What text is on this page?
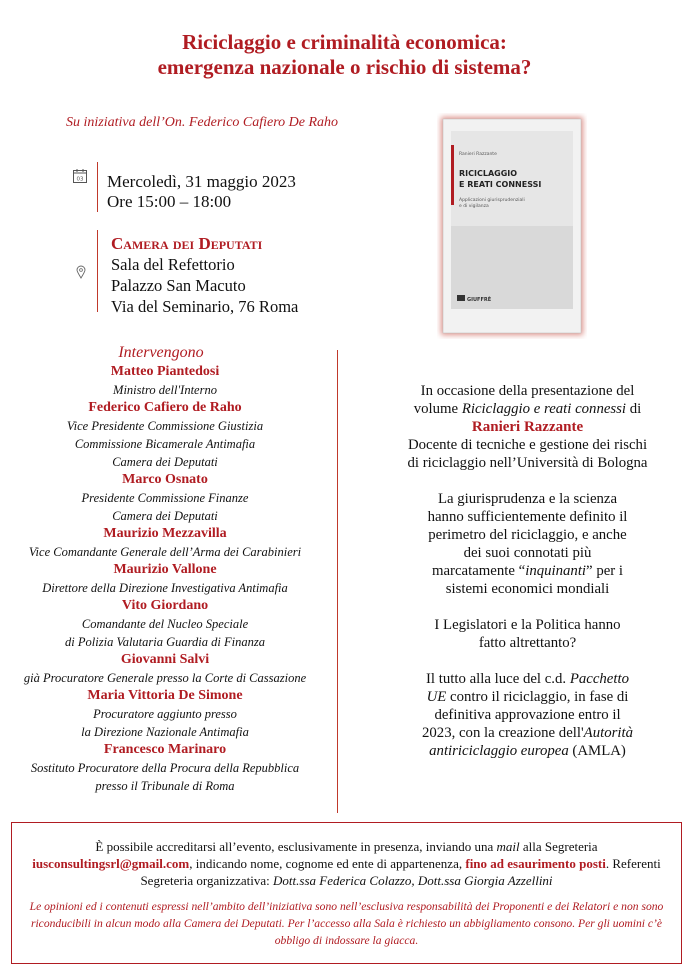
Riciclaggio e criminalità economica:
emergenza nazionale o rischio di sistema?
Su iniziativa dell’On. Federico Cafiero De Raho
03 Mercoledì, 31 maggio 2023
Ore 15:00 – 18:00
Camera dei Deputati
Sala del Refettorio
Palazzo San Macuto
Via del Seminario, 76 Roma
Intervengono
Matteo Piantedosi
Ministro dell'Interno
Federico Cafiero de Raho
Vice Presidente Commissione Giustizia
Commissione Bicamerale Antimafia
Camera dei Deputati
Marco Osnato
Presidente Commissione Finanze
Camera dei Deputati
Maurizio Mezzavilla
Vice Comandante Generale dell’Arma dei Carabinieri
Maurizio Vallone
Direttore della Direzione Investigativa Antimafia
Vito Giordano
Comandante del Nucleo Speciale
di Polizia Valutaria Guardia di Finanza
Giovanni Salvi
già Procuratore Generale presso la Corte di Cassazione
Maria Vittoria De Simone
Procuratore aggiunto presso
la Direzione Nazionale Antimafia
Francesco Marinaro
Sostituto Procuratore della Procura della Repubblica
presso il Tribunale di Roma
Ranieri Razzante
RICICLAGGIO
E REATI CONNESSI
Applicazioni giurisprudenziali
e di vigilanza
GIUFFRÈ

In occasione della presentazione del
volume Riciclaggio e reati connessi di
Ranieri Razzante
Docente di tecniche e gestione dei rischi
di riciclaggio nell’Università di Bologna

La giurisprudenza e la scienza
hanno sufficientemente definito il
perimetro del riciclaggio, e anche
dei suoi connotati più
marcatamente “inquinanti” per i
sistemi economici mondiali

I Legislatori e la Politica hanno
fatto altrettanto?

Il tutto alla luce del c.d. Pacchetto
UE contro il riciclaggio, in fase di
definitiva approvazione entro il
2023, con la creazione dell'Autorità
antiriciclaggio europea (AMLA)

È possibile accreditarsi all’evento, esclusivamente in presenza, inviando una mail alla Segreteria
iusconsultingsrl@gmail.com, indicando nome, cognome ed ente di appartenenza, fino ad esaurimento posti. Referenti Segreteria organizzativa: Dott.ssa Federica Colazzo, Dott.ssa Giorgia Azzellini
Le opinioni ed i contenuti espressi nell’ambito dell’iniziativa sono nell’esclusiva responsabilità dei Proponenti e dei Relatori e non sono riconducibili in alcun modo alla Camera dei Deputati. Per l’accesso alla Sala è richiesto un abbigliamento consono. Per gli uomini c’è obbligo di indossare la giacca.
